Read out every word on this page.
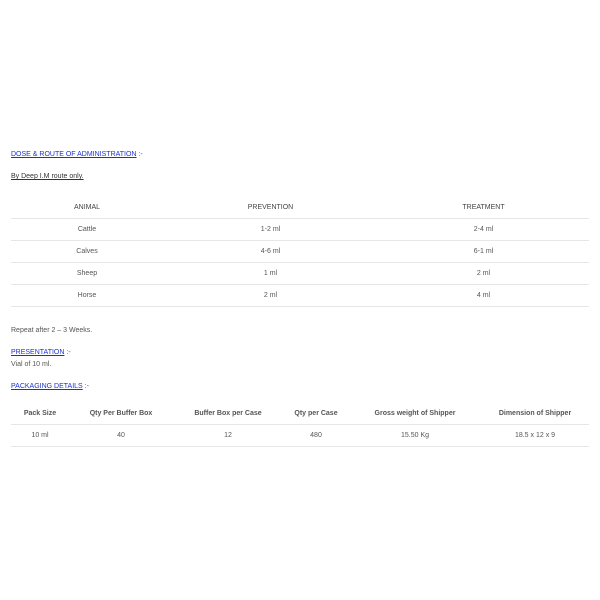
DOSE & ROUTE OF ADMINISTRATION :-
By Deep I.M route only.
ANIMAL	PREVENTION	TREATMENT
Cattle	1-2 ml	2-4 ml
Calves	4-6 ml	6-1 ml
Sheep	1 ml	2 ml
Horse	2 ml	4 ml
Repeat after 2 – 3 Weeks.
PRESENTATION :-
Vial of 10 ml.
PACKAGING DETAILS :-
Pack Size	Qty Per Buffer Box	Buffer Box per Case	Qty per Case	Gross weight of Shipper	Dimension of Shipper
10 ml	40	12	480	15.50 Kg	18.5 x 12 x 9
